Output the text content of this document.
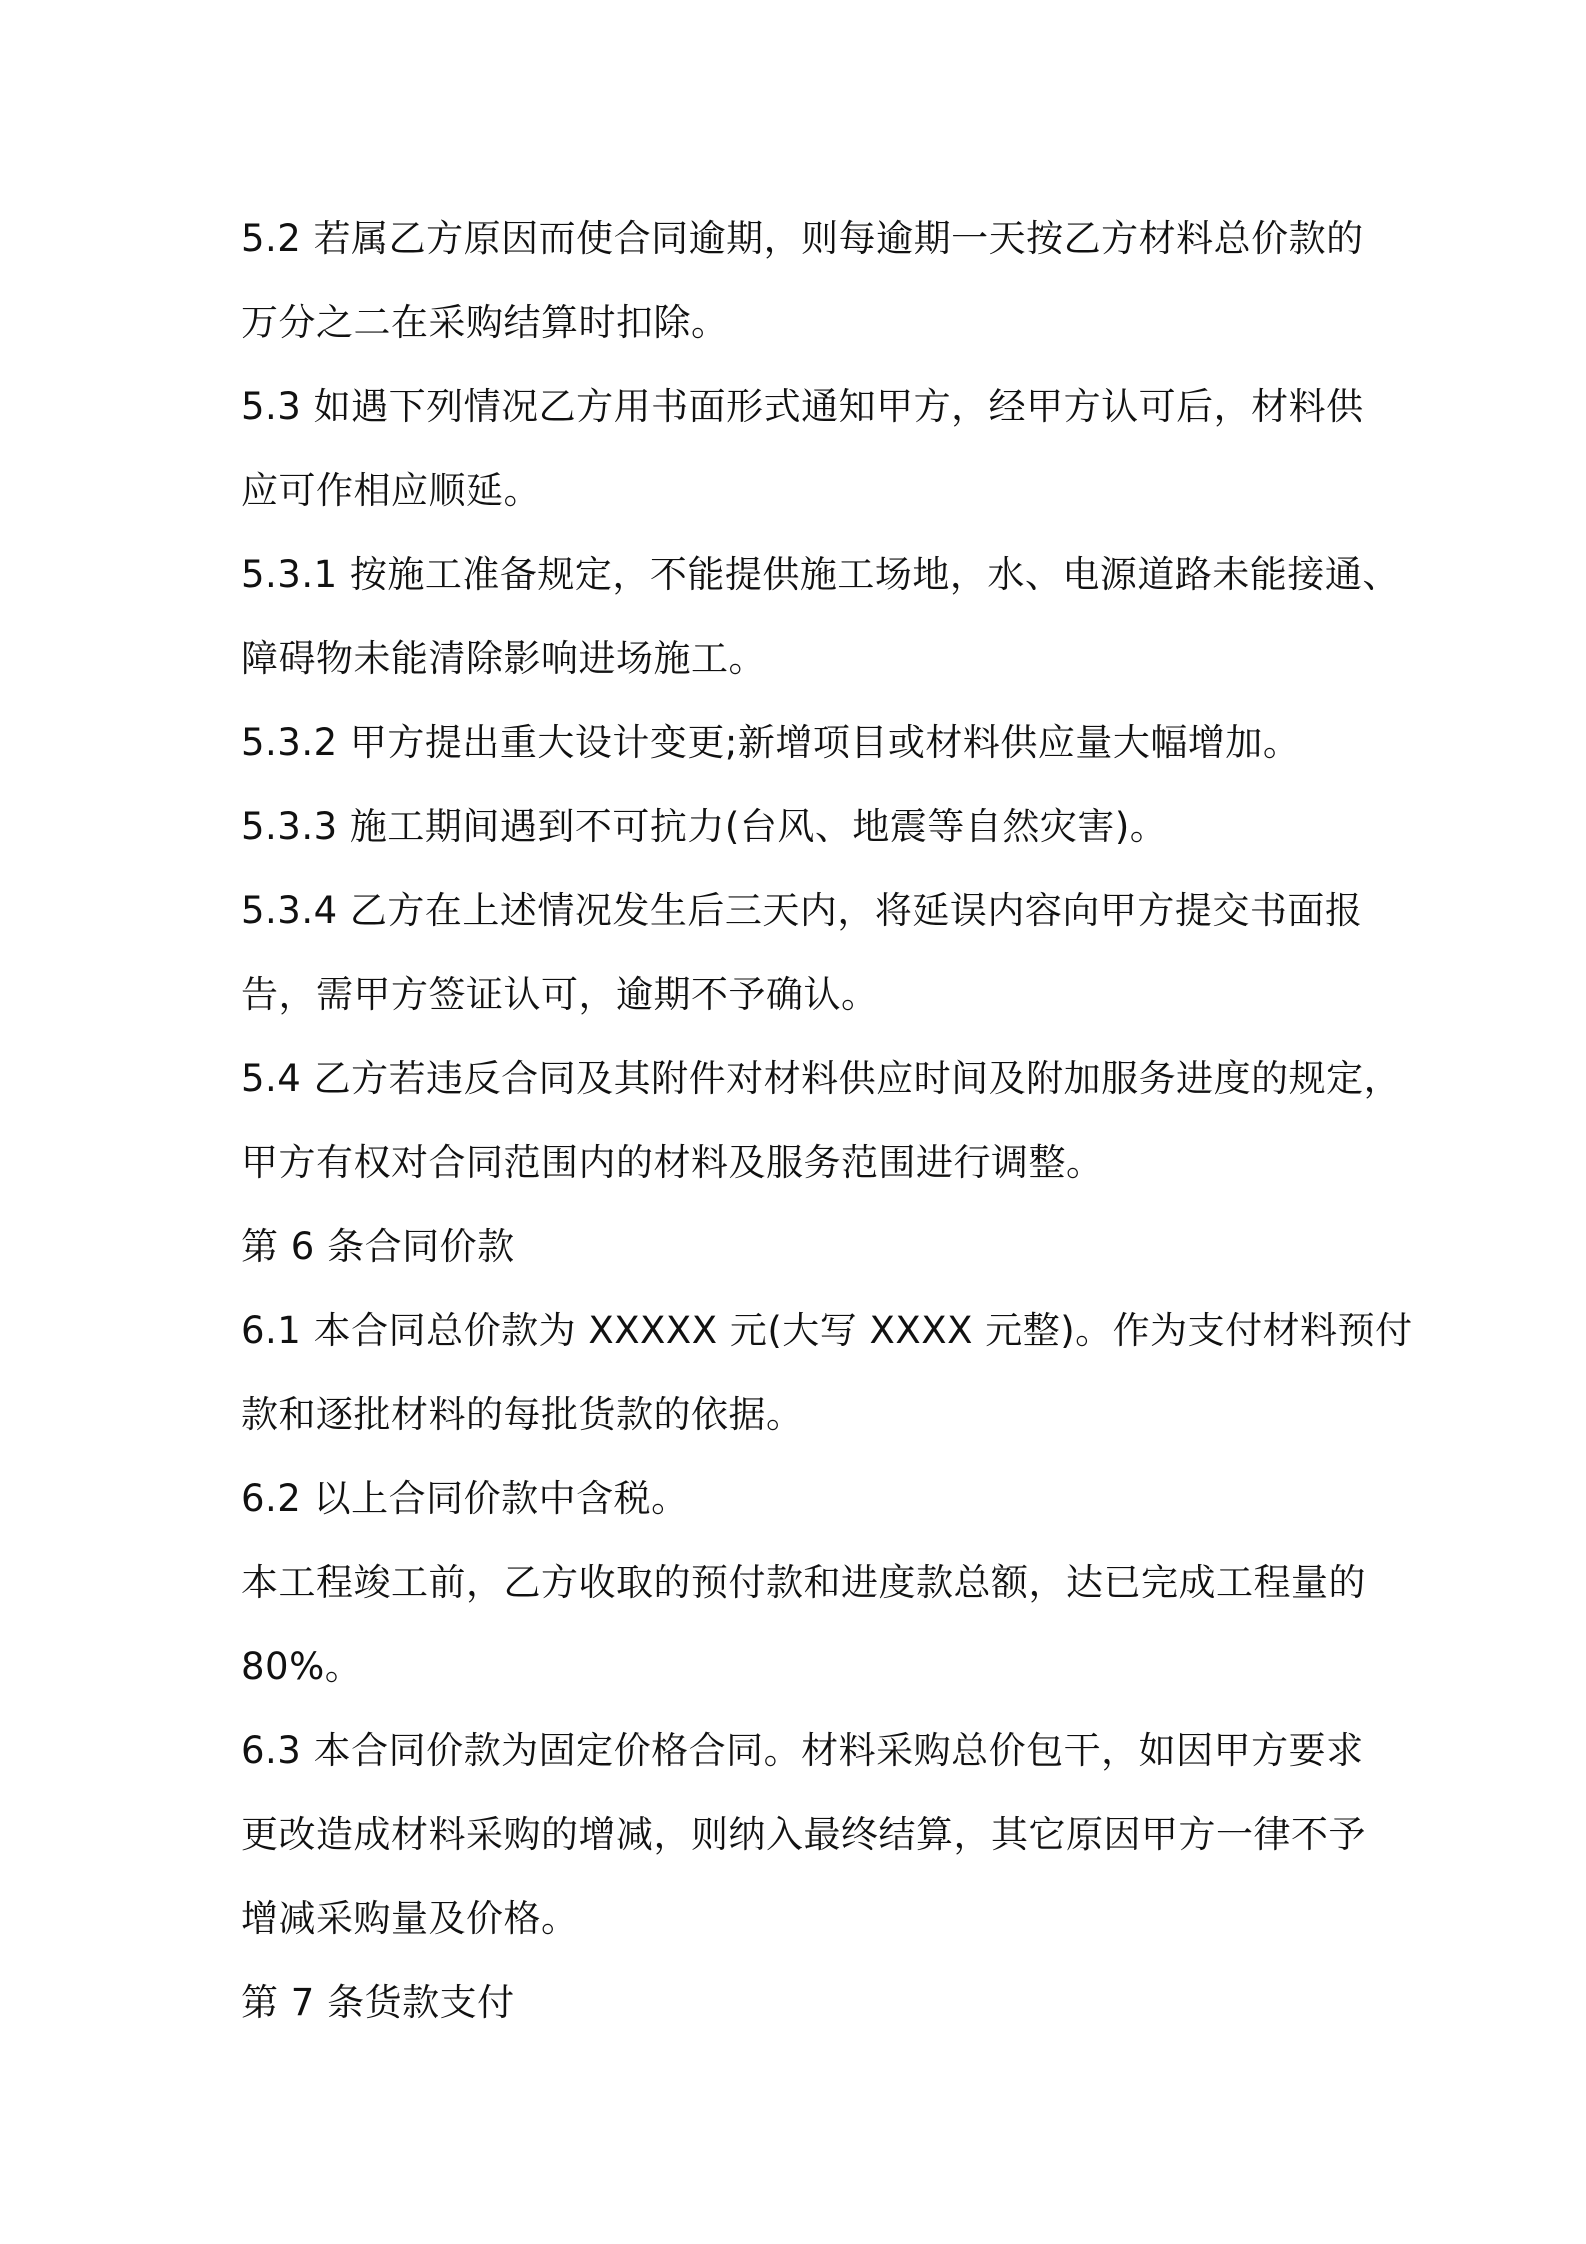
5.2 若属乙方原因而使合同逾期，则每逾期一天按乙方材料总价款的
万分之二在采购结算时扣除。
5.3 如遇下列情况乙方用书面形式通知甲方，经甲方认可后，材料供
应可作相应顺延。
5.3.1 按施工准备规定，不能提供施工场地，水、电源道路未能接通、
障碍物未能清除影响进场施工。
5.3.2 甲方提出重大设计变更;新增项目或材料供应量大幅增加。
5.3.3 施工期间遇到不可抗力(台风、地震等自然灾害)。
5.3.4 乙方在上述情况发生后三天内，将延误内容向甲方提交书面报
告，需甲方签证认可，逾期不予确认。
5.4 乙方若违反合同及其附件对材料供应时间及附加服务进度的规定，
甲方有权对合同范围内的材料及服务范围进行调整。
第 6 条合同价款
6.1 本合同总价款为 XXXXX 元(大写 XXXX 元整)。作为支付材料预付
款和逐批材料的每批货款的依据。
6.2 以上合同价款中含税。
本工程竣工前，乙方收取的预付款和进度款总额，达已完成工程量的
80%。
6.3 本合同价款为固定价格合同。材料采购总价包干，如因甲方要求
更改造成材料采购的增减，则纳入最终结算，其它原因甲方一律不予
增减采购量及价格。
第 7 条货款支付
